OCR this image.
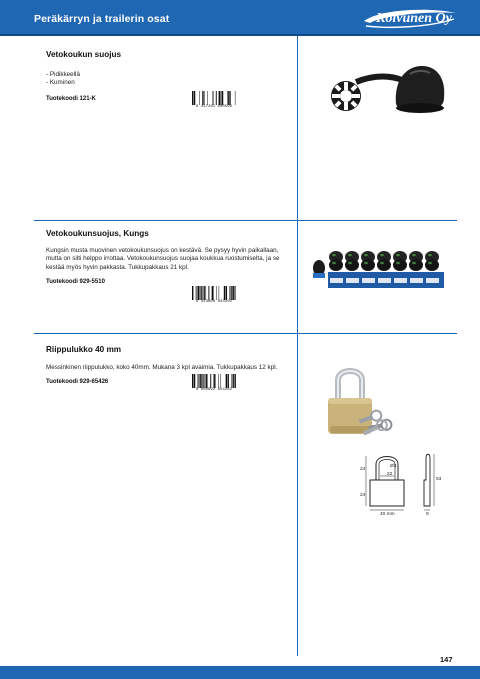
Peräkärryn ja trailerin osat	Koivunen Oy
Vetokoukun suojus
- Pidikkeellä
- Kuminen
Tuotekoodi 121-K
6 417261 000599
Vetokoukunsuojus, Kungs
Kungsin musta muovinen vetokoukunsuojus on kestävä. Se pysyy hyvin paikallaan, mutta on silti helppo irrottaa. Vetokoukunsuojus suojaa koukkua ruostumiselta, ja se kestää myös hyvin pakkasta. Tukkupakkaus 21 kpl.
Tuotekoodi 929-5510
6 423800 033102
Riippulukko 40 mm
Messinkinen riippulukko, koko 40mm. Mukana 3 kpl avaimia. Tukkupakkaus 12 kpl.
Tuotekoodi 929-65426
8 000692 654262
Ø3
22
24
24
40 mm	9
53
147
